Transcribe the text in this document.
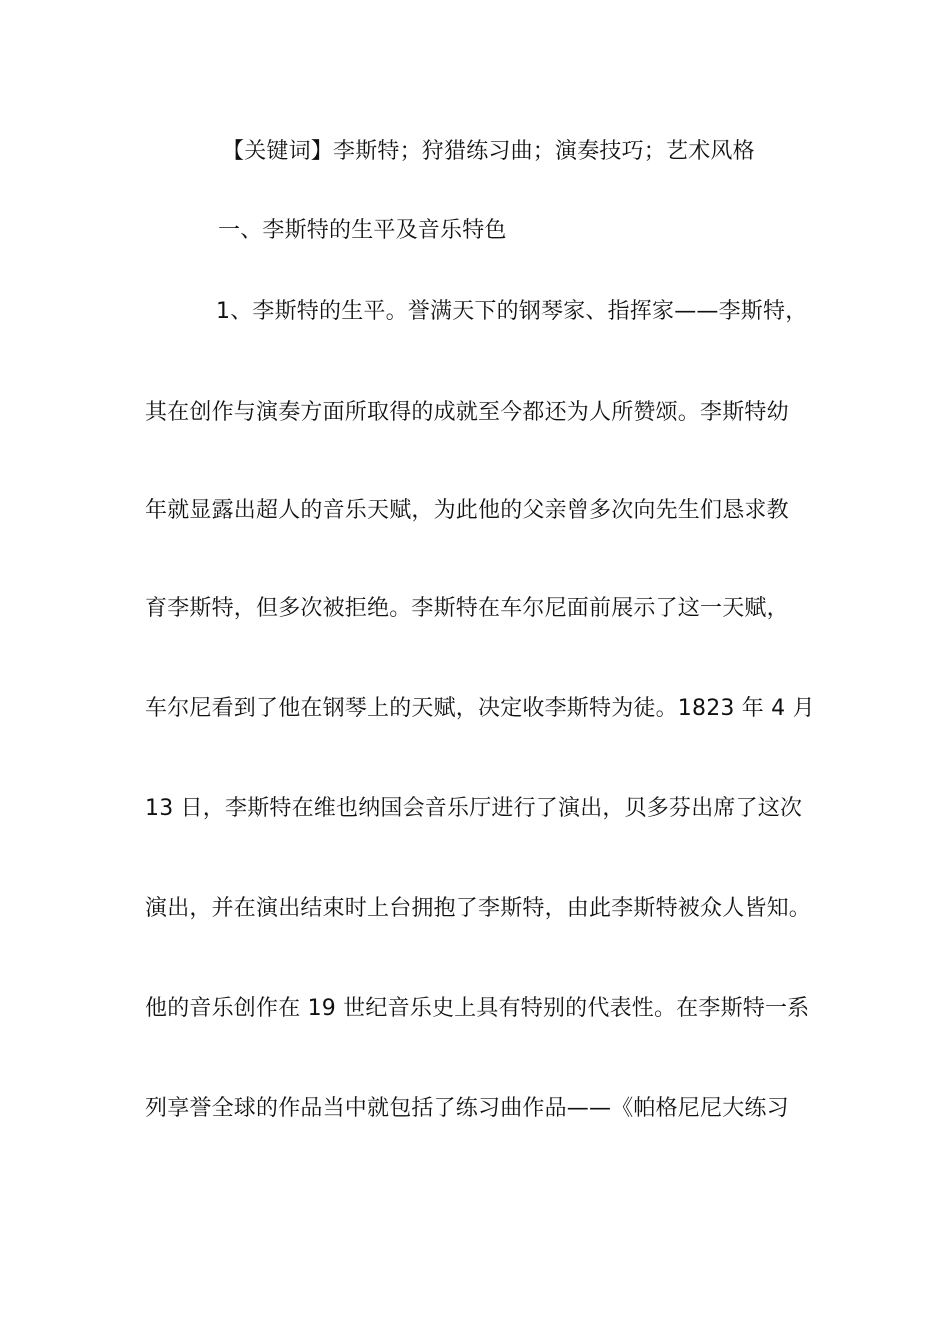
【关键词】李斯特；狩猎练习曲；演奏技巧；艺术风格
一、李斯特的生平及音乐特色
1、李斯特的生平。誉满天下的钢琴家、指挥家——李斯特，
其在创作与演奏方面所取得的成就至今都还为人所赞颂。李斯特幼
年就显露出超人的音乐天赋，为此他的父亲曾多次向先生们恳求教
育李斯特，但多次被拒绝。李斯特在车尔尼面前展示了这一天赋，
车尔尼看到了他在钢琴上的天赋，决定收李斯特为徒。1823 年 4 月
13 日，李斯特在维也纳国会音乐厅进行了演出，贝多芬出席了这次
演出，并在演出结束时上台拥抱了李斯特，由此李斯特被众人皆知。
他的音乐创作在 19 世纪音乐史上具有特别的代表性。在李斯特一系
列享誉全球的作品当中就包括了练习曲作品——《帕格尼尼大练习
